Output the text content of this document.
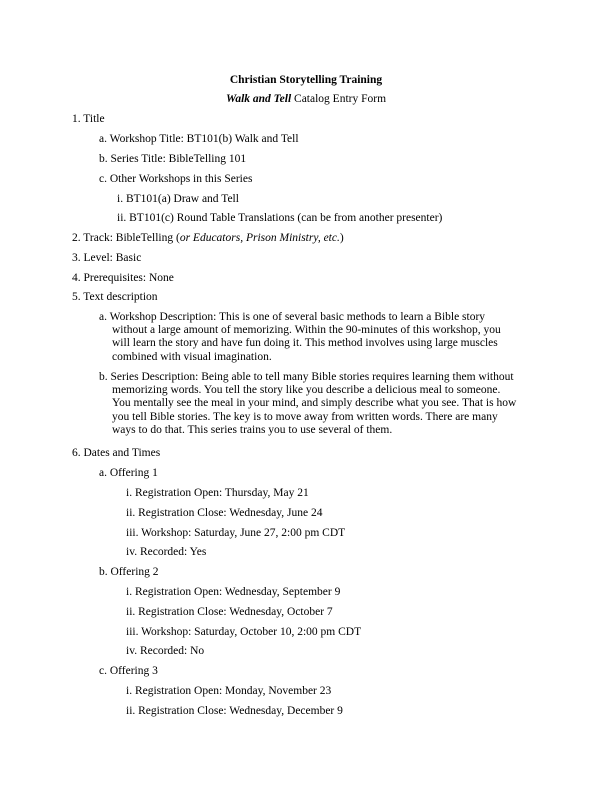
Christian Storytelling Training
Walk and Tell Catalog Entry Form
1. Title
a. Workshop Title: BT101(b) Walk and Tell
b. Series Title: BibleTelling 101
c. Other Workshops in this Series
i. BT101(a) Draw and Tell
ii. BT101(c) Round Table Translations (can be from another presenter)
2. Track: BibleTelling (or Educators, Prison Ministry, etc.)
3. Level: Basic
4. Prerequisites: None
5. Text description
a. Workshop Description: This is one of several basic methods to learn a Bible story
without a large amount of memorizing. Within the 90-minutes of this workshop, you
will learn the story and have fun doing it. This method involves using large muscles
combined with visual imagination.
b. Series Description: Being able to tell many Bible stories requires learning them without
memorizing words. You tell the story like you describe a delicious meal to someone.
You mentally see the meal in your mind, and simply describe what you see. That is how
you tell Bible stories. The key is to move away from written words. There are many
ways to do that. This series trains you to use several of them.
6. Dates and Times
a. Offering 1
i. Registration Open: Thursday, May 21
ii. Registration Close: Wednesday, June 24
iii. Workshop: Saturday, June 27, 2:00 pm CDT
iv. Recorded: Yes
b. Offering 2
i. Registration Open: Wednesday, September 9
ii. Registration Close: Wednesday, October 7
iii. Workshop: Saturday, October 10, 2:00 pm CDT
iv. Recorded: No
c. Offering 3
i. Registration Open: Monday, November 23
ii. Registration Close: Wednesday, December 9
